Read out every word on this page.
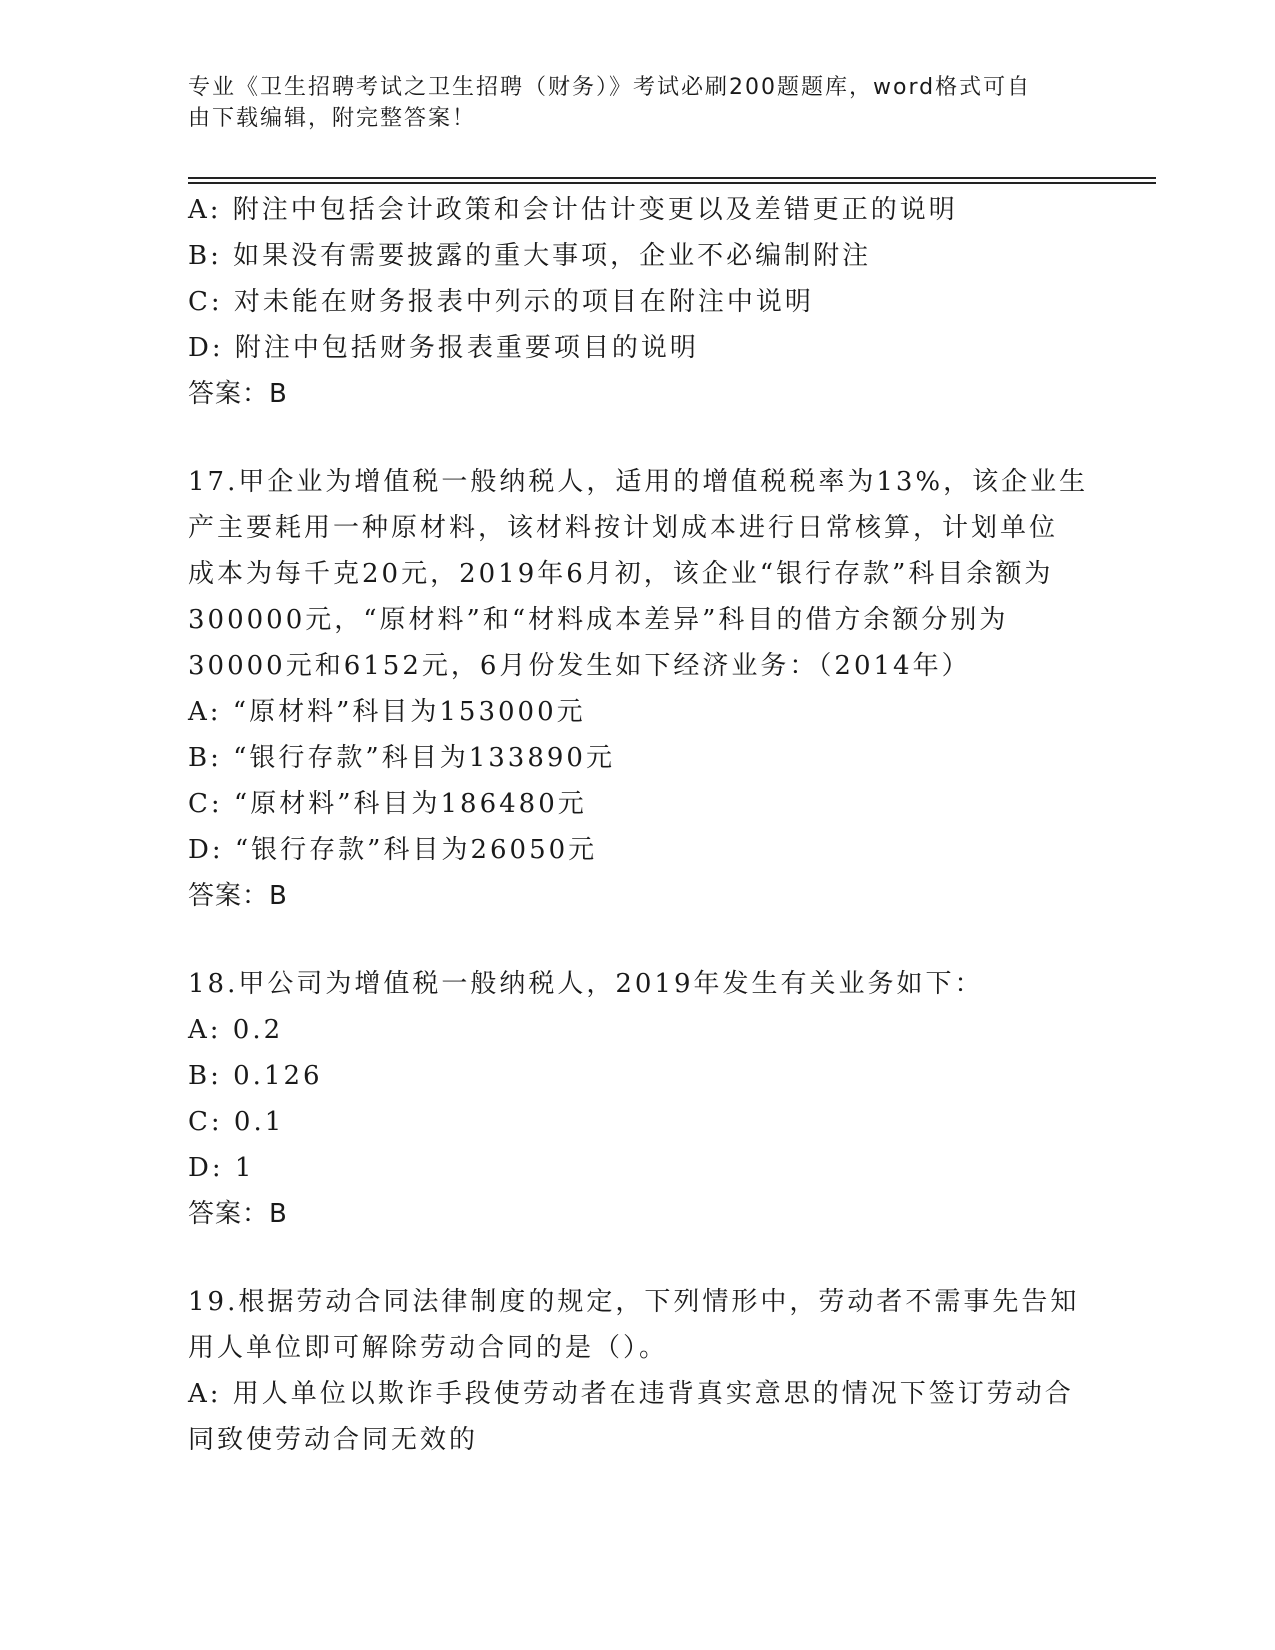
专业《卫生招聘考试之卫生招聘（财务）》考试必刷200题题库，word格式可自
由下载编辑，附完整答案！
A: 附注中包括会计政策和会计估计变更以及差错更正的说明
B: 如果没有需要披露的重大事项，企业不必编制附注
C: 对未能在财务报表中列示的项目在附注中说明
D: 附注中包括财务报表重要项目的说明
答案：B
17.甲企业为增值税一般纳税人，适用的增值税税率为13%，该企业生
产主要耗用一种原材料，该材料按计划成本进行日常核算，计划单位
成本为每千克20元，2019年6月初，该企业“银行存款”科目余额为
300000元，“原材料”和“材料成本差异”科目的借方余额分别为
30000元和6152元，6月份发生如下经济业务：（2014年）
A: “原材料”科目为153000元
B: “银行存款”科目为133890元
C: “原材料”科目为186480元
D: “银行存款”科目为26050元
答案：B
18.甲公司为增值税一般纳税人，2019年发生有关业务如下：
A: 0.2
B: 0.126
C: 0.1
D: 1
答案：B
19.根据劳动合同法律制度的规定，下列情形中，劳动者不需事先告知
用人单位即可解除劳动合同的是（）。
A: 用人单位以欺诈手段使劳动者在违背真实意思的情况下签订劳动合
同致使劳动合同无效的
